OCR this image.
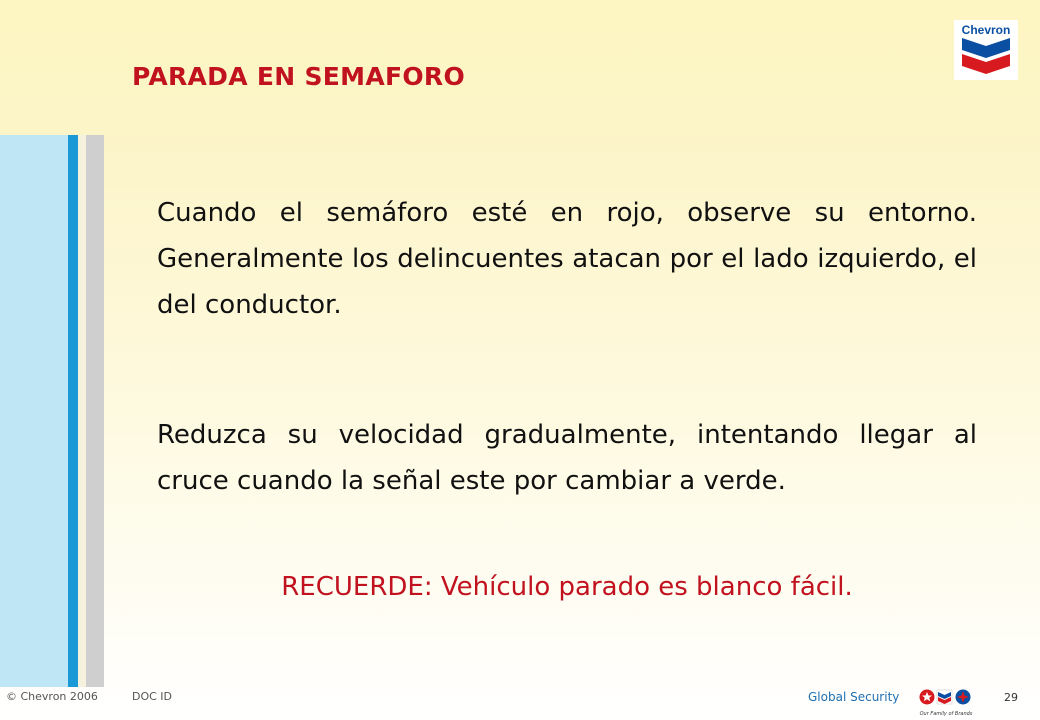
PARADA EN SEMAFORO

Cuando el semáforo esté en rojo, observe su entorno. Generalmente los delincuentes atacan por el lado izquierdo, el del conductor.

Reduzca su velocidad gradualmente, intentando llegar al cruce cuando la señal este por cambiar a verde.

RECUERDE: Vehículo parado es blanco fácil.

Chevron
© Chevron 2006	DOC ID	Global Security
Our Family of Brands
29
